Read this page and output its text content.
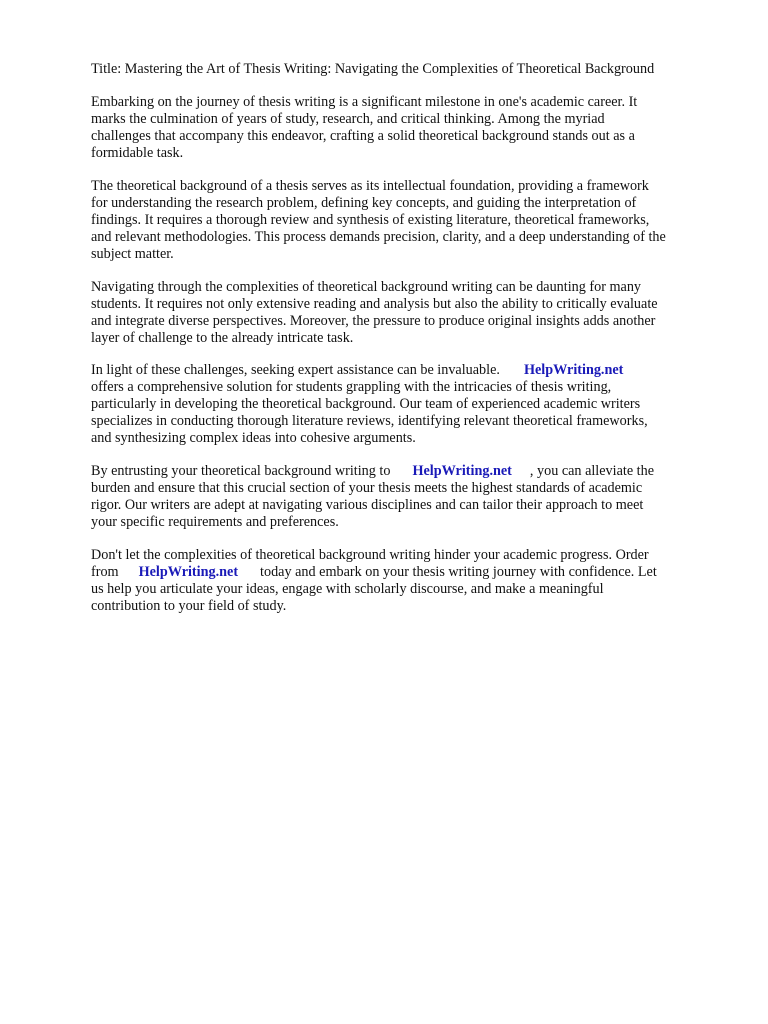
Title: Mastering the Art of Thesis Writing: Navigating the Complexities of Theoretical Background
Embarking on the journey of thesis writing is a significant milestone in one's academic career. It
marks the culmination of years of study, research, and critical thinking. Among the myriad
challenges that accompany this endeavor, crafting a solid theoretical background stands out as a
formidable task.
The theoretical background of a thesis serves as its intellectual foundation, providing a framework
for understanding the research problem, defining key concepts, and guiding the interpretation of
findings. It requires a thorough review and synthesis of existing literature, theoretical frameworks,
and relevant methodologies. This process demands precision, clarity, and a deep understanding of the
subject matter.
Navigating through the complexities of theoretical background writing can be daunting for many
students. It requires not only extensive reading and analysis but also the ability to critically evaluate
and integrate diverse perspectives. Moreover, the pressure to produce original insights adds another
layer of challenge to the already intricate task.
In light of these challenges, seeking expert assistance can be invaluable. HelpWriting.net
offers a comprehensive solution for students grappling with the intricacies of thesis writing,
particularly in developing the theoretical background. Our team of experienced academic writers
specializes in conducting thorough literature reviews, identifying relevant theoretical frameworks,
and synthesizing complex ideas into cohesive arguments.
By entrusting your theoretical background writing to HelpWriting.net , you can alleviate the
burden and ensure that this crucial section of your thesis meets the highest standards of academic
rigor. Our writers are adept at navigating various disciplines and can tailor their approach to meet
your specific requirements and preferences.
Don't let the complexities of theoretical background writing hinder your academic progress. Order
from HelpWriting.net today and embark on your thesis writing journey with confidence. Let
us help you articulate your ideas, engage with scholarly discourse, and make a meaningful
contribution to your field of study.
